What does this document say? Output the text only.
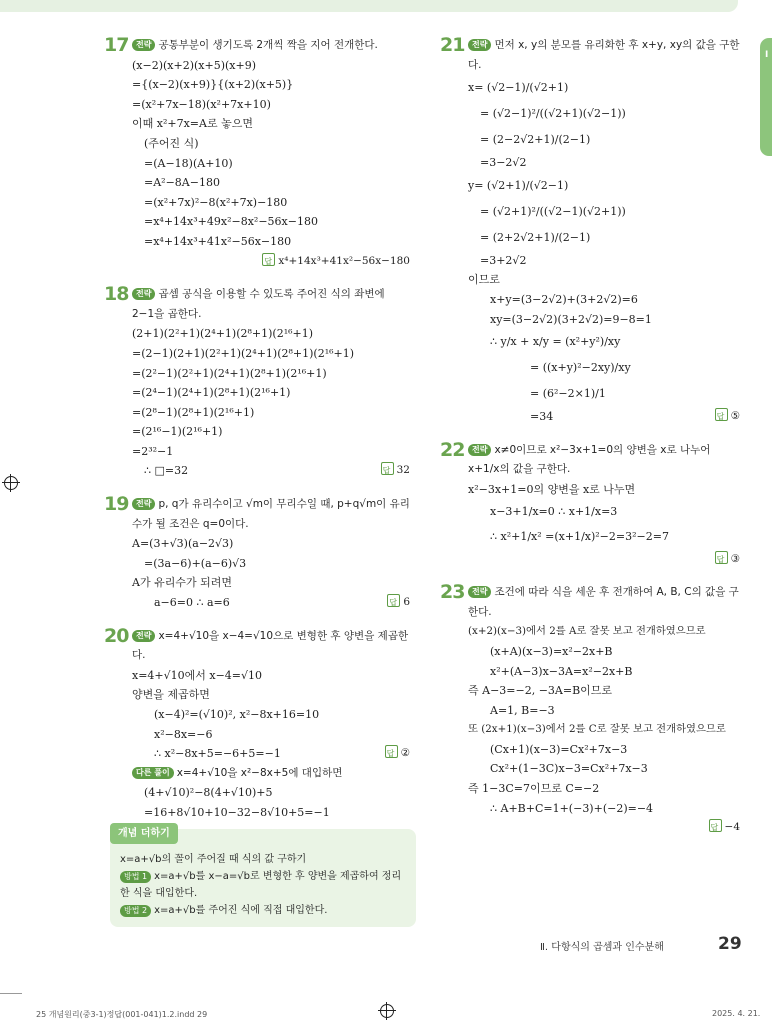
I
17 전략 공통부분이 생기도록 2개씩 짝을 지어 전개한다.
(x−2)(x+2)(x+5)(x+9)
={(x−2)(x+9)}{(x+2)(x+5)}
=(x²+7x−18)(x²+7x+10)
이때 x²+7x=A로 놓으면
(주어진 식)
=(A−18)(A+10)
=A²−8A−180
=(x²+7x)²−8(x²+7x)−180
=x⁴+14x³+49x²−8x²−56x−180
=x⁴+14x³+41x²−56x−180
답x⁴+14x³+41x²−56x−180
18 전략 곱셈 공식을 이용할 수 있도록 주어진 식의 좌변에 2−1을 곱한다.
(2+1)(2²+1)(2⁴+1)(2⁸+1)(2¹⁶+1)
=(2−1)(2+1)(2²+1)(2⁴+1)(2⁸+1)(2¹⁶+1)
=(2²−1)(2²+1)(2⁴+1)(2⁸+1)(2¹⁶+1)
=(2⁴−1)(2⁴+1)(2⁸+1)(2¹⁶+1)
=(2⁸−1)(2⁸+1)(2¹⁶+1)
=(2¹⁶−1)(2¹⁶+1)
=2³²−1
∴ □=32 답	32
19 전략 p, q가 유리수이고 √m이 무리수일 때, p+q√m이 유리수가 될 조건은 q=0이다.
A=(3+√3)(a−2√3)
=(3a−6)+(a−6)√3
A가 유리수가 되려면
a−6=0 ∴ a=6 답	6
20 전략 x=4+√10을 x−4=√10으로 변형한 후 양변을 제곱한다.
x=4+√10에서 x−4=√10
양변을 제곱하면
(x−4)²=(√10)², x²−8x+16=10
x²−8x=−6
∴ x²−8x+5=−6+5=−1 답	②
다른 풀이 x=4+√10을 x²−8x+5에 대입하면
(4+√10)²−8(4+√10)+5
=16+8√10+10−32−8√10+5=−1
개념 더하기
x=a+√b의 꼴이 주어질 때 식의 값 구하기
방법 1 x=a+√b를 x−a=√b로 변형한 후 양변을 제곱하여 정리한 식을 대입한다.
방법 2 x=a+√b를 주어진 식에 직접 대입한다.
21 전략 먼저 x, y의 분모를 유리화한 후 x+y, xy의 값을 구한다.
x= (√2−1)/(√2+1)
= (√2−1)²/((√2+1)(√2−1))
= (2−2√2+1)/(2−1)
=3−2√2
y= (√2+1)/(√2−1)
= (√2+1)²/((√2−1)(√2+1))
= (2+2√2+1)/(2−1)
=3+2√2
이므로
x+y=(3−2√2)+(3+2√2)=6
xy=(3−2√2)(3+2√2)=9−8=1
∴ y/x + x/y = (x²+y²)/xy
= ((x+y)²−2xy)/xy
= (6²−2×1)/1
=34 답	⑤
22 전략 x≠0이므로 x²−3x+1=0의 양변을 x로 나누어 x+1/x의 값을 구한다.
x²−3x+1=0의 양변을 x로 나누면
x−3+1/x=0 ∴ x+1/x=3
∴ x²+1/x² =(x+1/x)²−2=3²−2=7
답③
23 전략 조건에 따라 식을 세운 후 전개하여 A, B, C의 값을 구한다.
(x+2)(x−3)에서 2를 A로 잘못 보고 전개하였으므로
(x+A)(x−3)=x²−2x+B
x²+(A−3)x−3A=x²−2x+B
즉 A−3=−2, −3A=B이므로
A=1, B=−3
또 (2x+1)(x−3)에서 2를 C로 잘못 보고 전개하였으므로
(Cx+1)(x−3)=Cx²+7x−3
Cx²+(1−3C)x−3=Cx²+7x−3
즉 1−3C=7이므로 C=−2
∴ A+B+C=1+(−3)+(−2)=−4
답−4
Ⅱ. 다항식의 곱셈과 인수분해	29
25 개념원리(중3-1)정답(001-041)1.2.indd 29	2025. 4. 21.
